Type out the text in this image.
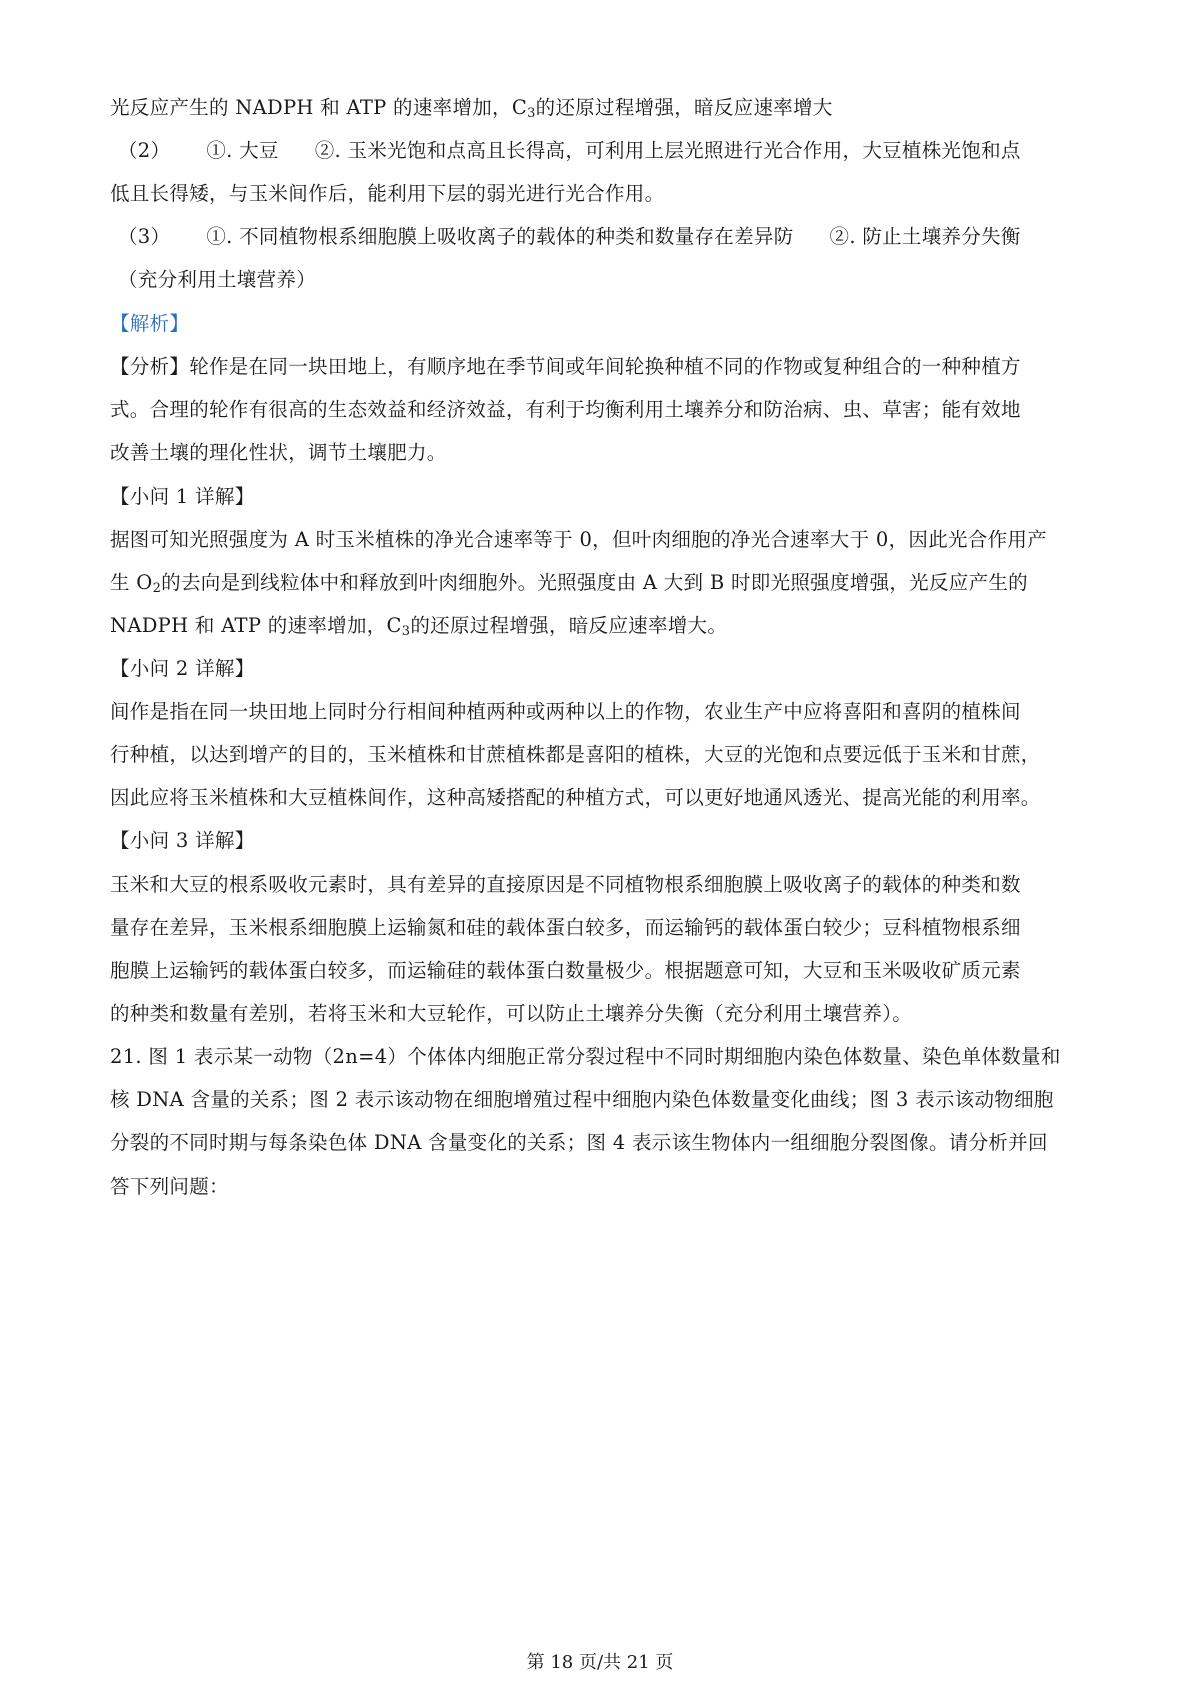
光反应产生的 NADPH 和 ATP 的速率增加，$C_3$的还原过程增强，暗反应速率增大
（2） ①. 大豆 ②. 玉米光饱和点高且长得高，可利用上层光照进行光合作用，大豆植株光饱和点
低且长得矮，与玉米间作后，能利用下层的弱光进行光合作用。
（3） ①. 不同植物根系细胞膜上吸收离子的载体的种类和数量存在差异防 ②. 防止土壤养分失衡
（充分利用土壤营养）
【解析】
【分析】轮作是在同一块田地上，有顺序地在季节间或年间轮换种植不同的作物或复种组合的一种种植方
式。合理的轮作有很高的生态效益和经济效益，有利于均衡利用土壤养分和防治病、虫、草害；能有效地
改善土壤的理化性状，调节土壤肥力。
【小问 1 详解】
据图可知光照强度为 A 时玉米植株的净光合速率等于 0，但叶肉细胞的净光合速率大于 0，因此光合作用产
生 $O_2$的去向是到线粒体中和释放到叶肉细胞外。光照强度由 A 大到 B 时即光照强度增强，光反应产生的
NADPH 和 ATP 的速率增加，$C_3$的还原过程增强，暗反应速率增大。
【小问 2 详解】
间作是指在同一块田地上同时分行相间种植两种或两种以上的作物，农业生产中应将喜阳和喜阴的植株间
行种植，以达到增产的目的，玉米植株和甘蔗植株都是喜阳的植株，大豆的光饱和点要远低于玉米和甘蔗，
因此应将玉米植株和大豆植株间作，这种高矮搭配的种植方式，可以更好地通风透光、提高光能的利用率。
【小问 3 详解】
玉米和大豆的根系吸收元素时，具有差异的直接原因是不同植物根系细胞膜上吸收离子的载体的种类和数
量存在差异，玉米根系细胞膜上运输氮和硅的载体蛋白较多，而运输钙的载体蛋白较少；豆科植物根系细
胞膜上运输钙的载体蛋白较多，而运输硅的载体蛋白数量极少。根据题意可知，大豆和玉米吸收矿质元素
的种类和数量有差别，若将玉米和大豆轮作，可以防止土壤养分失衡（充分利用土壤营养）。
21. 图 1 表示某一动物（2n=4）个体体内细胞正常分裂过程中不同时期细胞内染色体数量、染色单体数量和
核 DNA 含量的关系；图 2 表示该动物在细胞增殖过程中细胞内染色体数量变化曲线；图 3 表示该动物细胞
分裂的不同时期与每条染色体 DNA 含量变化的关系；图 4 表示该生物体内一组细胞分裂图像。请分析并回
答下列问题：
第 18 页/共 21 页
